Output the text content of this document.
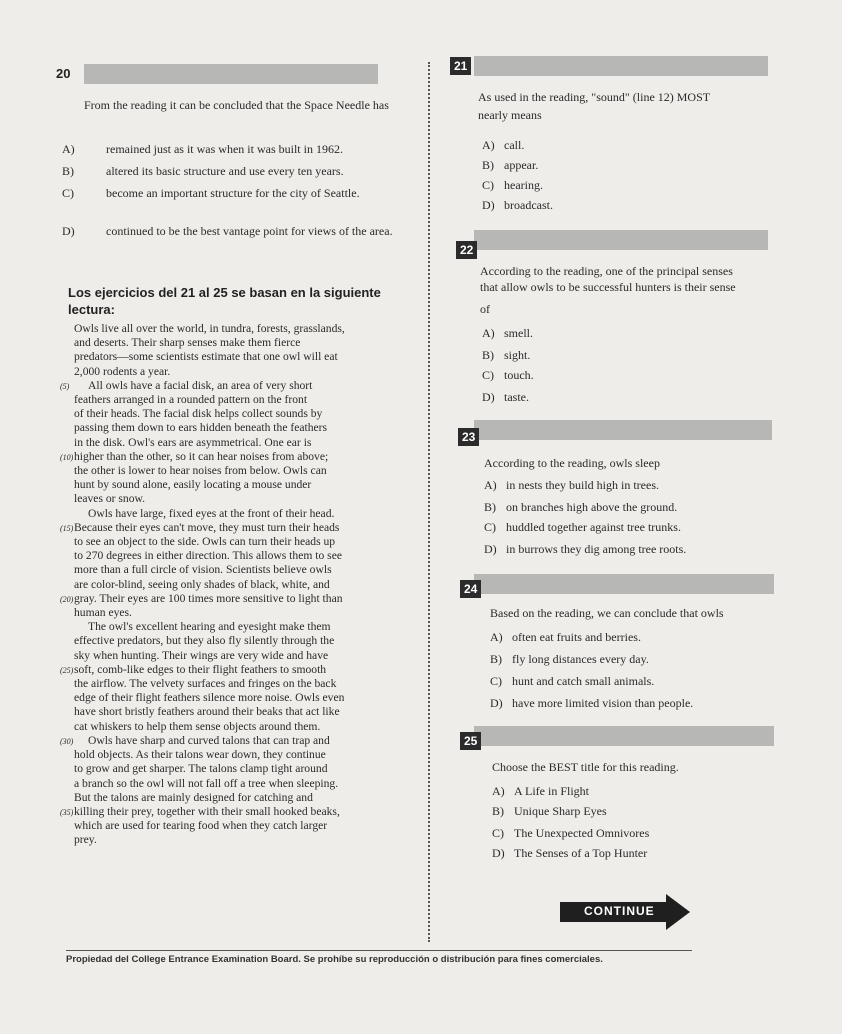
20
From the reading it can be concluded that the Space Needle has
A)	remained just as it was when it was built in 1962.
B)	altered its basic structure and use every ten years.
C)	become an important structure for the city of Seattle.
D)	continued to be the best vantage point for views of the area.
Los ejercicios del 21 al 25 se basan en la siguiente lectura:
Owls live all over the world, in tundra, forests, grasslands,
and deserts. Their sharp senses make them fierce
predators—some scientists estimate that one owl will eat
2,000 rodents a year.
(5) All owls have a facial disk, an area of very short
feathers arranged in a rounded pattern on the front
of their heads. The facial disk helps collect sounds by
passing them down to ears hidden beneath the feathers
in the disk. Owl's ears are asymmetrical. One ear is
(10) higher than the other, so it can hear noises from above;
the other is lower to hear noises from below. Owls can
hunt by sound alone, easily locating a mouse under
leaves or snow.
Owls have large, fixed eyes at the front of their head.
(15) Because their eyes can't move, they must turn their heads
to see an object to the side. Owls can turn their heads up
to 270 degrees in either direction. This allows them to see
more than a full circle of vision. Scientists believe owls
are color-blind, seeing only shades of black, white, and
(20) gray. Their eyes are 100 times more sensitive to light than
human eyes.
The owl's excellent hearing and eyesight make them
effective predators, but they also fly silently through the
sky when hunting. Their wings are very wide and have
(25) soft, comb-like edges to their flight feathers to smooth
the airflow. The velvety surfaces and fringes on the back
edge of their flight feathers silence more noise. Owls even
have short bristly feathers around their beaks that act like
cat whiskers to help them sense objects around them.
(30) Owls have sharp and curved talons that can trap and
hold objects. As their talons wear down, they continue
to grow and get sharper. The talons clamp tight around
a branch so the owl will not fall off a tree when sleeping.
But the talons are mainly designed for catching and
(35) killing their prey, together with their small hooked beaks,
which are used for tearing food when they catch larger
prey.
21
As used in the reading, "sound" (line 12) MOST
nearly means
A) call.
B) appear.
C) hearing.
D) broadcast.
22
According to the reading, one of the principal senses
that allow owls to be successful hunters is their sense
of
A) smell.
B) sight.
C) touch.
D) taste.
23
According to the reading, owls sleep
A) in nests they build high in trees.
B) on branches high above the ground.
C) huddled together against tree trunks.
D) in burrows they dig among tree roots.
24
Based on the reading, we can conclude that owls
A) often eat fruits and berries.
B) fly long distances every day.
C) hunt and catch small animals.
D) have more limited vision than people.
25
Choose the BEST title for this reading.
A) A Life in Flight
B) Unique Sharp Eyes
C) The Unexpected Omnivores
D) The Senses of a Top Hunter
CONTINUE
Propiedad del College Entrance Examination Board. Se prohíbe su reproducción o distribución para fines comerciales.
